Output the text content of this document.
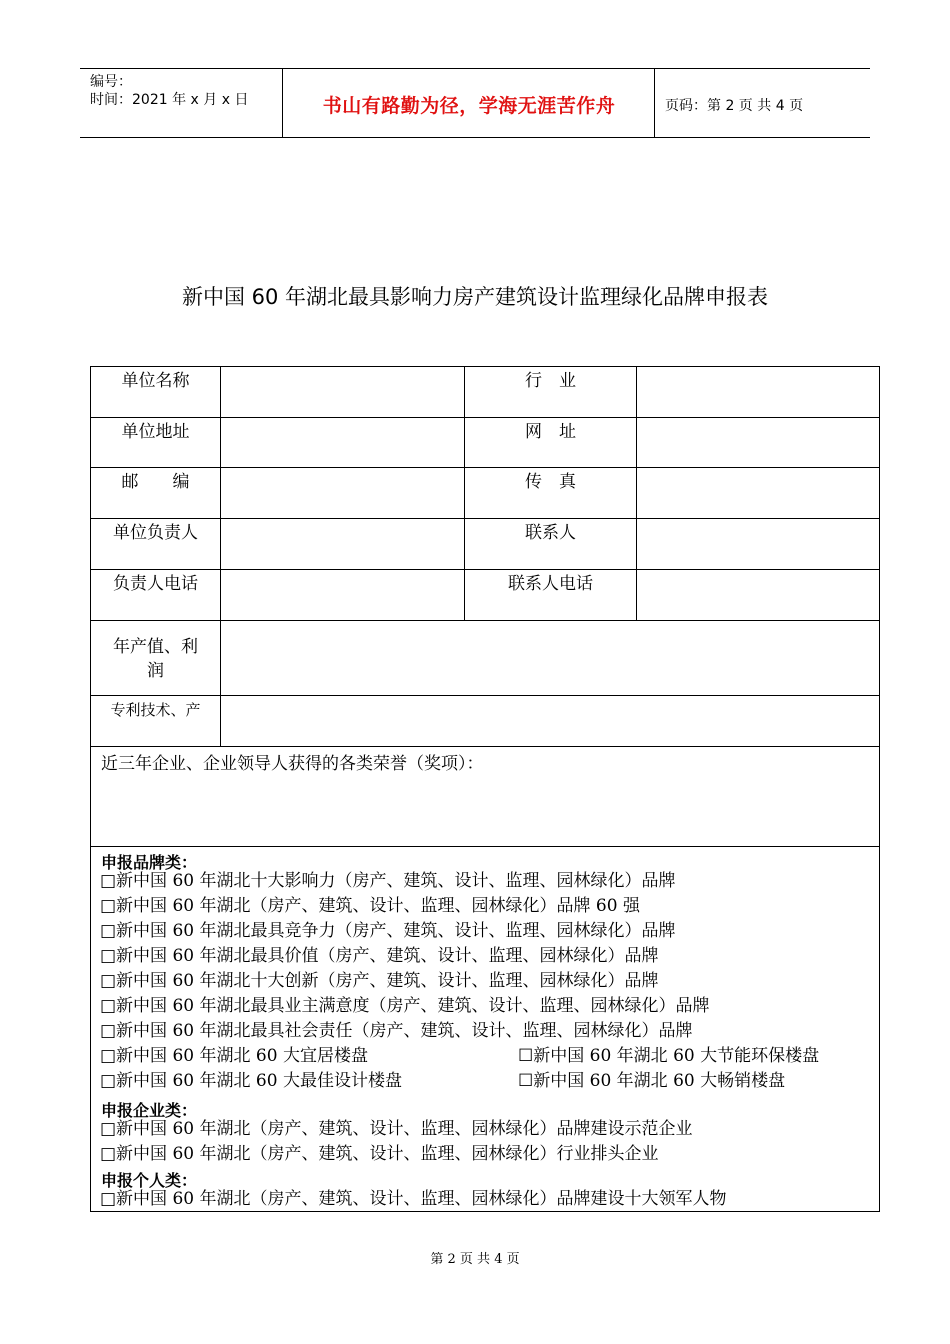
编号：
时间：2021 年 x 月 x 日	书山有路勤为径，学海无涯苦作舟	页码：第 2 页 共 4 页
新中国 60 年湖北最具影响力房产建筑设计监理绿化品牌申报表
单位名称	行　业
单位地址	网　址
邮　　编	传　真
单位负责人	联系人
负责人电话	联系人电话
年产值、利
润
专利技术、产
近三年企业、企业领导人获得的各类荣誉（奖项）：
申报品牌类：
□新中国 60 年湖北十大影响力（房产、建筑、设计、监理、园林绿化）品牌
□新中国 60 年湖北（房产、建筑、设计、监理、园林绿化）品牌 60 强
□新中国 60 年湖北最具竞争力（房产、建筑、设计、监理、园林绿化）品牌
□新中国 60 年湖北最具价值（房产、建筑、设计、监理、园林绿化）品牌
□新中国 60 年湖北十大创新（房产、建筑、设计、监理、园林绿化）品牌
□新中国 60 年湖北最具业主满意度（房产、建筑、设计、监理、园林绿化）品牌
□新中国 60 年湖北最具社会责任（房产、建筑、设计、监理、园林绿化）品牌
□新中国 60 年湖北 60 大宜居楼盘	☐新中国 60 年湖北 60 大节能环保楼盘
□新中国 60 年湖北 60 大最佳设计楼盘	☐新中国 60 年湖北 60 大畅销楼盘
申报企业类：
□新中国 60 年湖北（房产、建筑、设计、监理、园林绿化）品牌建设示范企业
□新中国 60 年湖北（房产、建筑、设计、监理、园林绿化）行业排头企业
申报个人类：
□新中国 60 年湖北（房产、建筑、设计、监理、园林绿化）品牌建设十大领军人物
第 2 页 共 4 页
